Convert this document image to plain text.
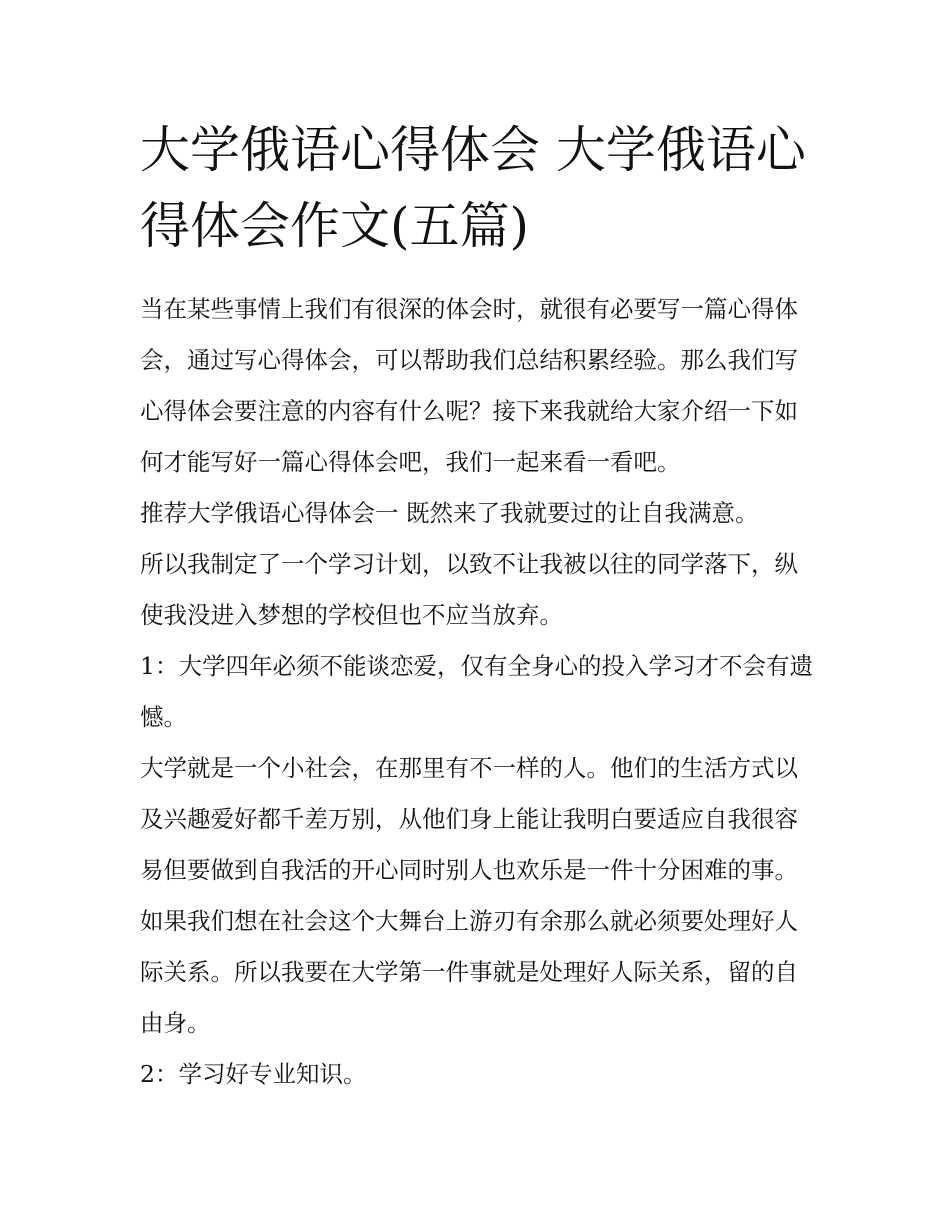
大学俄语心得体会 大学俄语心得体会作文(五篇)

当在某些事情上我们有很深的体会时，就很有必要写一篇心得体会，通过写心得体会，可以帮助我们总结积累经验。那么我们写心得体会要注意的内容有什么呢？接下来我就给大家介绍一下如何才能写好一篇心得体会吧，我们一起来看一看吧。

推荐大学俄语心得体会一 既然来了我就要过的让自我满意。

所以我制定了一个学习计划，以致不让我被以往的同学落下，纵使我没进入梦想的学校但也不应当放弃。

1：大学四年必须不能谈恋爱，仅有全身心的投入学习才不会有遗憾。

大学就是一个小社会，在那里有不一样的人。他们的生活方式以及兴趣爱好都千差万别，从他们身上能让我明白要适应自我很容易但要做到自我活的开心同时别人也欢乐是一件十分困难的事。如果我们想在社会这个大舞台上游刃有余那么就必须要处理好人际关系。所以我要在大学第一件事就是处理好人际关系，留的自由身。

2：学习好专业知识。
